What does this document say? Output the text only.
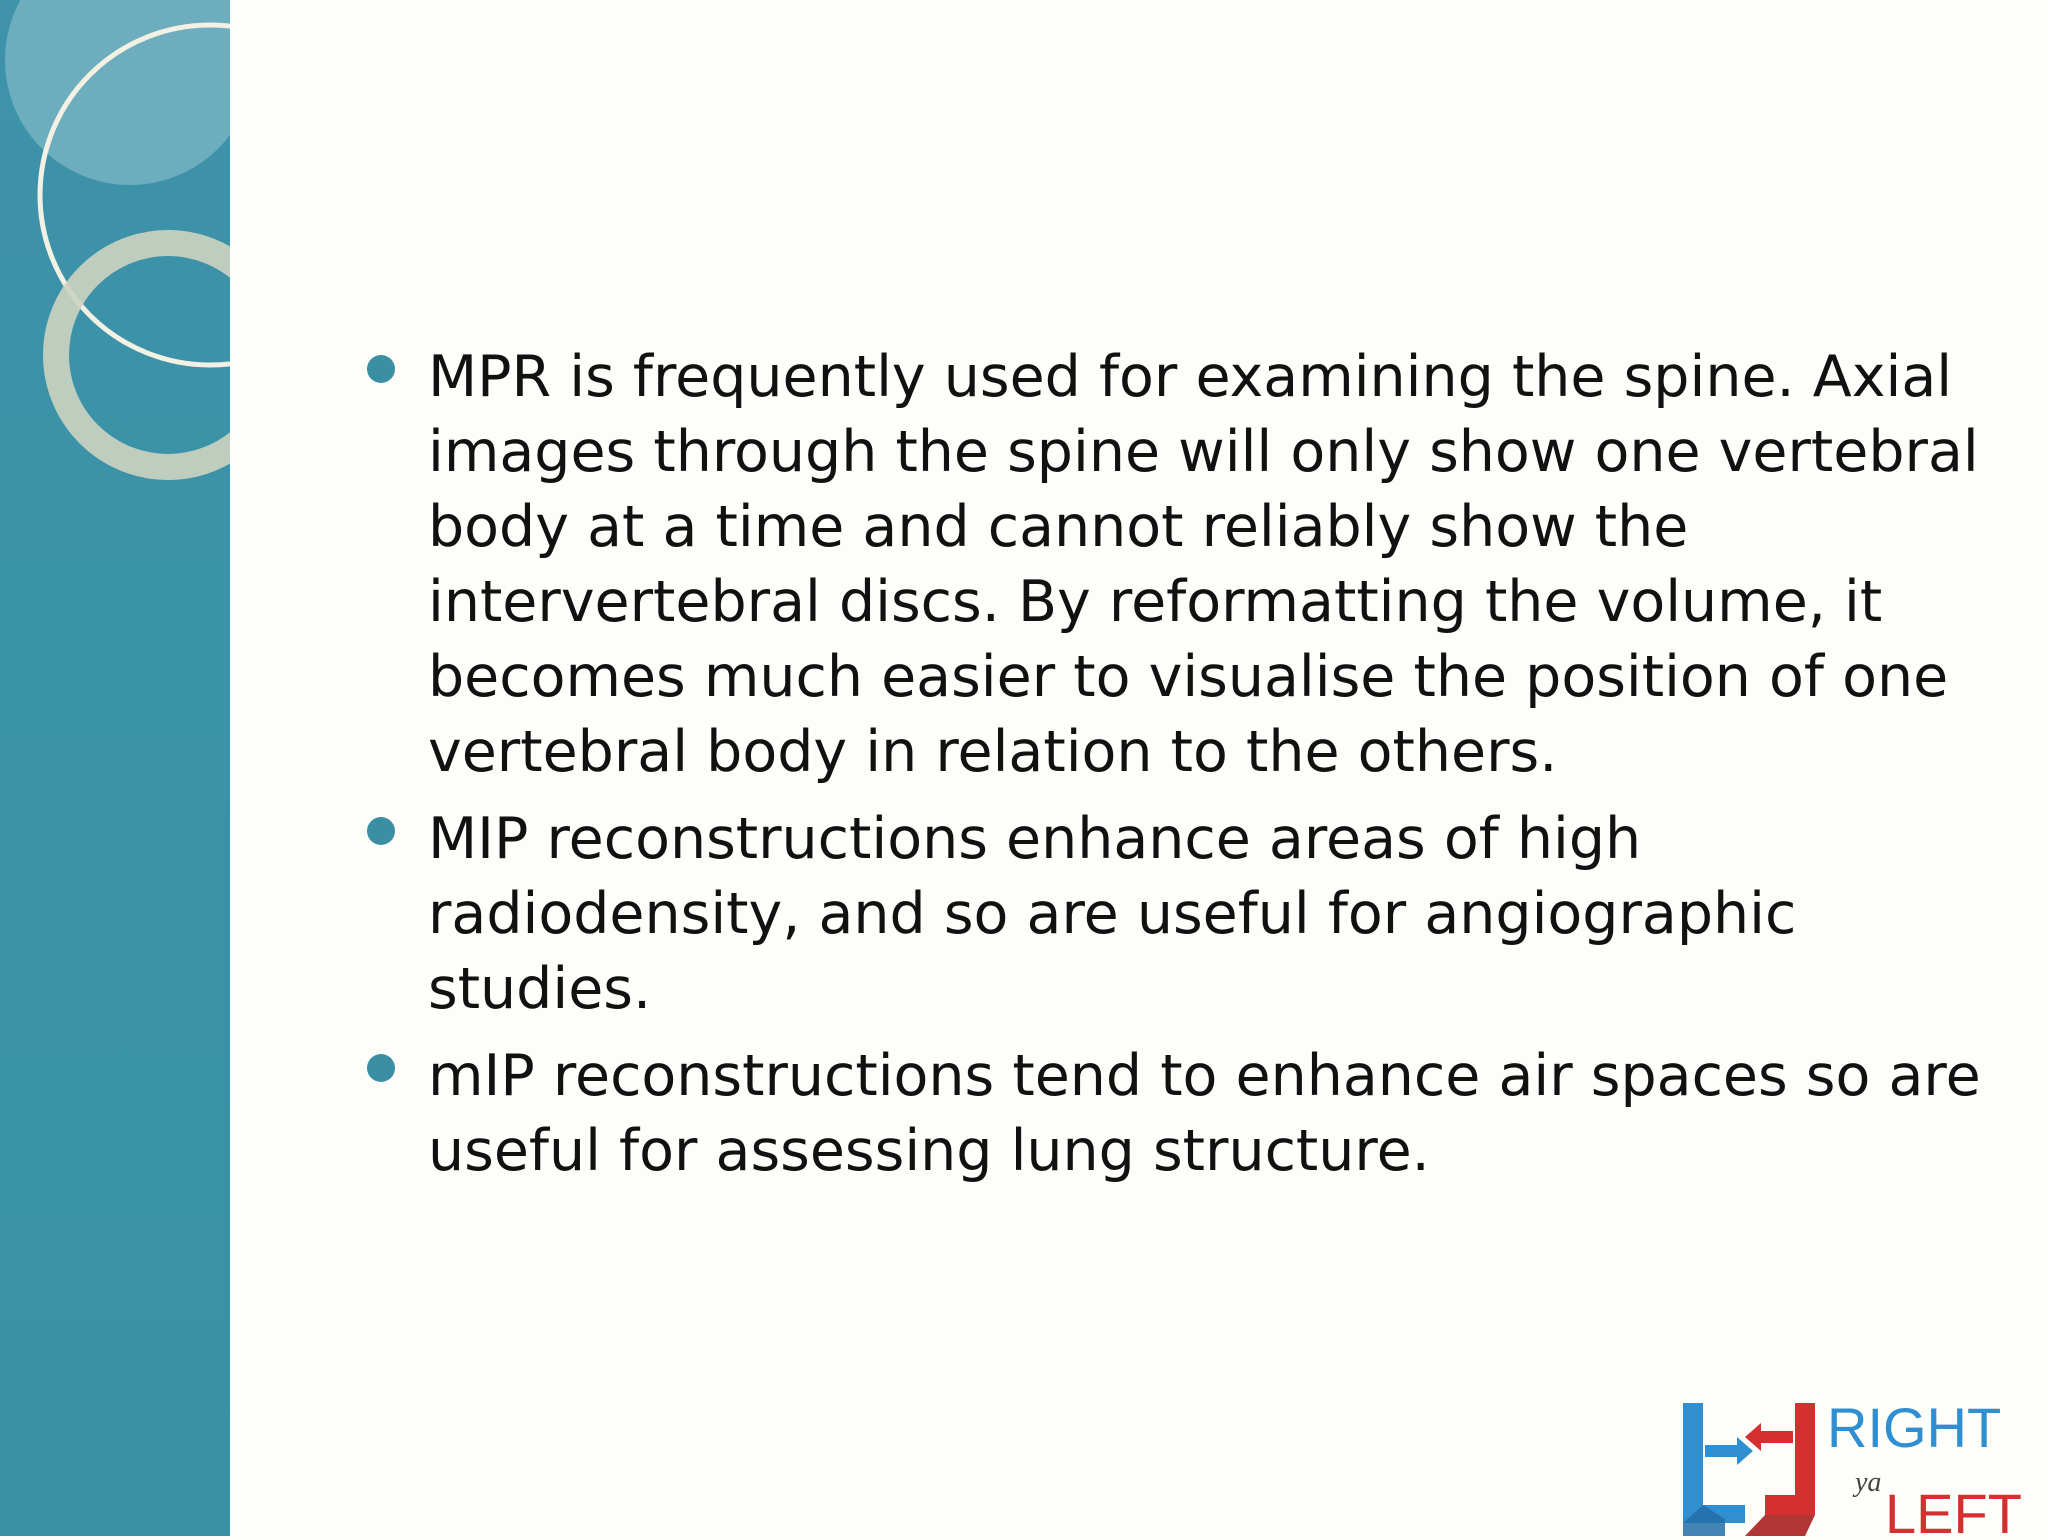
MPR is frequently used for examining the spine. Axial images through the spine will only show one vertebral body at a time and cannot reliably show the intervertebral discs. By reformatting the volume, it becomes much easier to visualise the position of one vertebral body in relation to the others.
MIP reconstructions enhance areas of high radiodensity, and so are useful for angiographic studies.
mIP reconstructions tend to enhance air spaces so are useful for assessing lung structure.
RIGHT
ya LEFT
